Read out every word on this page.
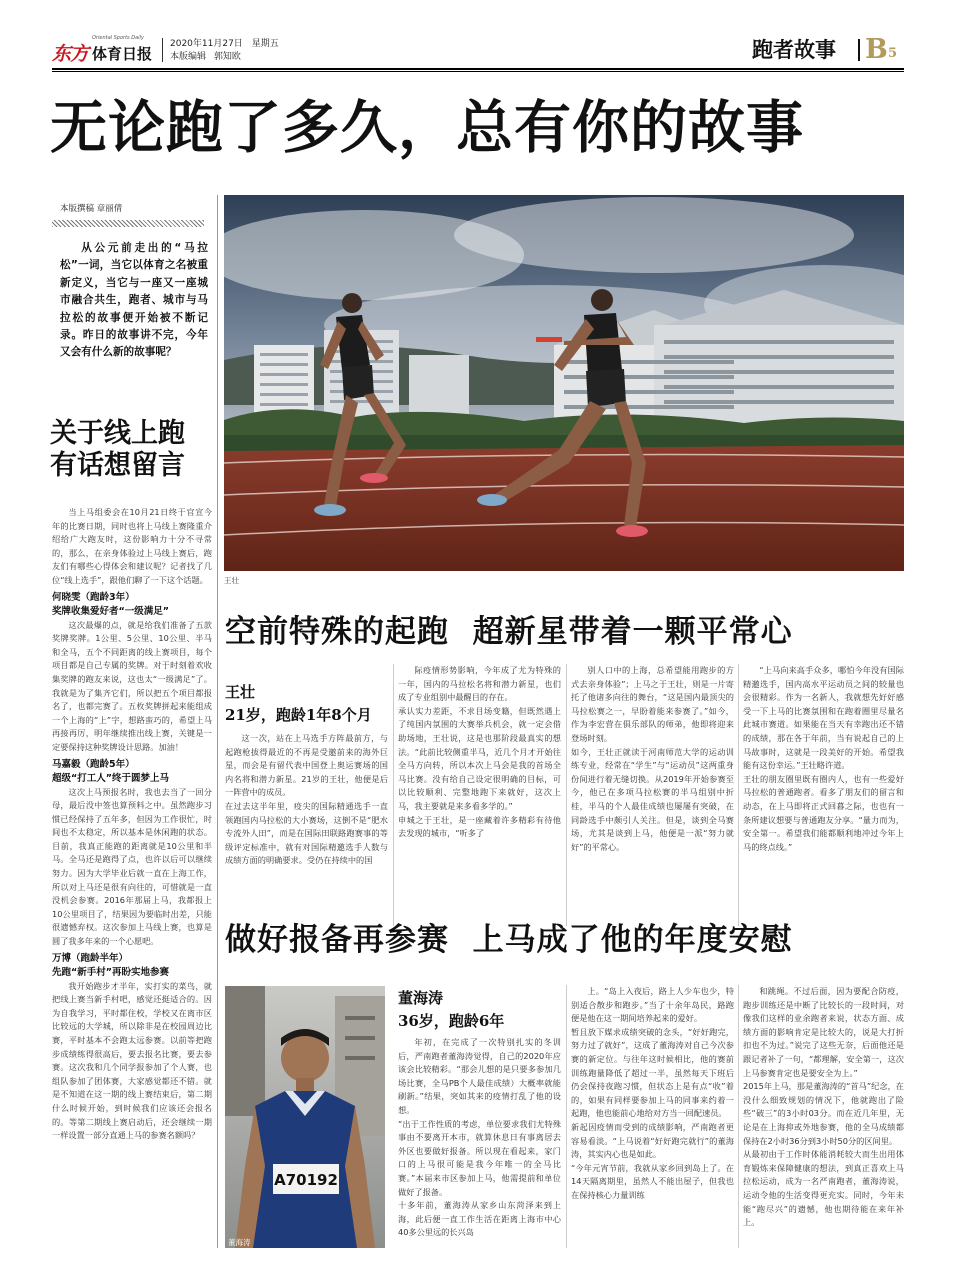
东方
Oriental Sports Daily
体育日报
2020年11月27日 星期五
本版编辑 郭知欧	跑者故事 B 5
无论跑了多久，总有你的故事
本版撰稿 章丽倩
从公元前走出的“马拉松”一词，当它以体育之名被重新定义，当它与一座又一座城市融合共生，跑者、城市与马拉松的故事便开始被不断记录。昨日的故事讲不完，今年又会有什么新的故事呢？
关于线上跑
有话想留言

当上马组委会在10月21日终于官宣今年的比赛日期，同时也将上马线上赛隆重介绍给广大跑友时，这份影响力十分不寻常的，那么，在亲身体验过上马线上赛后，跑友们有哪些心得体会和建议呢？记者找了几位“线上选手”，跟他们聊了一下这个话题。

何晓雯（跑龄3年）
奖牌收集爱好者“一级满足”

这次最爆的点，就是给我们准备了五款奖牌奖牌。1公里、5公里、10公里、半马和全马，五个不同距离的线上赛项目，每个项目都是自己专属的奖牌。对于时刻着欢收集奖牌的跑友来说，这也太“一级满足”了。我就是为了集齐它们，所以把五个项目都报名了，也都完赛了。五枚奖牌拼起来能组成一个上海的“上”字，想路蛮巧的，希望上马再接再厉，明年继续推出线上赛，关键是一定要保持这种奖牌设计思路。加油！

马嘉毅（跑龄5年）
超级“打工人”终于圆梦上马

这次上马预报名时，我也去当了一回分母，最后没中签也算预料之中。虽然跑步习惯已经保持了五年多，但因为工作很忙，时间也不太稳定，所以基本是休闲跑的状态。目前，我真正能跑的距离就是10公里和半马。全马还是跑得了点，也许以后可以继续努力。因为大学毕业后就一直在上海工作，所以对上马还是很有向往的，可惜就是一直没机会参赛。2016年那届上马，我都报上10公里项目了，结果因为要临时出差，只能很遗憾弃权。这次参加上马线上赛，也算是圆了我多年来的一个心愿吧。

万博（跑龄半年）
先跑“新手村”再盼实地参赛

我开始跑步才半年，实打实的菜鸟，就把线上赛当新手村吧，感觉还挺适合的。因为自我学习，平时都住校，学校又在离市区比较远的大学城，所以除非是在校园周边比赛，平时基本不会跑太远参赛。以前等把跑步成绩练得很高后，要去报名比赛，要去参赛。这次我和几个同学报参加了个人赛，也组队参加了团体赛，大家感觉都还不错。就是不知道在这一期的线上赛结束后，第二期什么时候开始，到时候我们应该还会报名的。等第二期线上赛启动后，还会继续一期一样设置一部分直通上马的参赛名额吗？

王壮
空前特殊的起跑  超新星带着一颗平常心
王壮
21岁，跑龄1年8个月

这一次，站在上马选手方阵最前方，与起跑枪拔得最近的不再是受邀前来的海外巨星，而会是有留代表中国登上奥运赛场的国内名将和潜力新星。21岁的王壮，他便是后一阵营中的成员。
在过去这半年里，疫尖的国际精通选手一直领跑国内马拉松的大小赛场，这倒不是“肥水专流外人田”，而是在国际田联路跑赛事的等级评定标准中，就有对国际精邀选手人数与成绩方面的明确要求。受仍在持续中的国

际疫情形势影响，今年成了尤为特殊的一年，国内的马拉松名将和潜力新星，也们成了专业组别中最醒目的存在。
承认实力差距，不求目场变籍，但既然遇上了纯国内氛围的大赛举兵机会，就一定会借助场地，王壮说，这是也那阶段最真实的想法。“此前比较侧重半马，近几个月才开始往全马方向转，所以本次上马会是我的首场全马比赛。没有给自己设定很明确的目标，可以比较顺利、完整地跑下来就好，这次上马，我主要就是来多看多学的。”
申城之于王壮，是一座藏着许多精彩有待他去发现的城市，“听多了

别人口中的上海，总希望能用跑步的方式去亲身体验”；上马之于王壮，则是一片寄托了他诸多向往的舞台，“这是国内最顶尖的马拉松赛之一，早盼着能来参赛了。”如今，作为李宏营在俱乐部队的师弟，他即将迎来登场时刻。
如今，王壮正就读于河南师范大学的运动训练专业，经常在“学生”与“运动员”这两重身份间进行着无缝切换。从2019年开始参赛至今，他已在多项马拉松赛的半马组别中折桂，半马的个人最佳成绩也屡屡有突破，在同龄选手中颇引人关注。但是，谈到全马赛场，尤其是谈到上马，他便是一派“努力就好”的平常心。

“上马向来高手众多，哪怕今年没有国际精邀选手，国内高水平运动员之间的较量也会很精彩。作为一名新人，我就想先好好感受一下上马的比赛氛围和在跑着圈里尽量名此城市赛道。如果能在当天有幸跑出还不错的成绩，那在各于年前，当有说起自己的上马故事时，这就是一段美好的开始。希望我能有这份幸运。”王壮略许道。
王壮的朋友圈里既有圈内人，也有一些爱好马拉松的普通跑者。看多了朋友们的留言和动态，在上马即将正式回暮之际，也也有一条所建议想要与普通跑友分享。“量力而为，安全第一。希望我们能都顺利地冲过今年上马的终点线。”

做好报备再参赛  上马成了他的年度安慰
A70192
董海涛
董海涛
36岁，跑龄6年

年初，在完成了一次特别扎实的冬训后，严南跑者董海涛觉得，自己的2020年应该会比较精彩。“那会儿想的是只要多参加几场比赛，全马PB个人最佳成绩）大概率就能刷新。”结果，突如其来的疫情打乱了他的设想。
“出于工作性质的考虑，单位要求我们尤特殊事由不要离开本市，就算休息日有事离居去外区也要做好报备。所以现在看起来，家门口的上马很可能是我今年唯一的全马比赛。”本届来市区参加上马，他需提前和单位做好了报备。
十多年前，董海涛从家乡山东菏泽来到上海，此后便一直工作生活在距离上海市中心40多公里远的长兴岛

上。“岛上入夜后，路上人少车也少，特别适合散步和跑步。”当了十余年岛民，路跑便是他在这一期间培养起来的爱好。
暂且放下媒求成绩突破的念头，“好好跑完，努力过了就好”，这成了董海涛对自己今次参赛的新定位。与往年这时候相比，他的赛前训练跑量降低了超过一半，虽然每天下班后仍会保持夜跑习惯，但状态上是有点“收”着的，如果有同样要参加上马的同事来约着一起跑，他也能前心地给对方当一回配速员。
新起因疫情而受到的成绩影响，严南跑者更容易看淡。“上马说着“好好跑完就行”的董海涛，其实内心也是如此。
“今年元宵节前，我就从家乡回到岛上了。在14天隔离期里，虽然人不能出屋子，但我也在保持核心力量训练

和跳绳。不过后面，因为要配合防疫，跑步训练还是中断了比较长的一段时间，对像我们这样的业余跑者来说，状态方面、成绩方面的影响肯定是比较大的，说是大打折扣也不为过。”说完了这些无奈，后面他还是跟记者补了一句，“都理解，安全第一，这次上马参赛肯定也是要安全为上。”
2015年上马，那是董海涛的“首马”纪念，在没什么细致规划的情况下，他就跑出了险些“破三”的3小时03分。而在近几年里，无论是在上海抑或外地参赛，他的全马成绩都保持在2小时36分到3小时50分的区间里。
从最初由于工作时体能消耗较大而生出用体育锻炼来保障健康的想法，到真正喜欢上马拉松运动，成为一名严南跑者，董海涛说，运动令他的生活变得更充实。同时，今年未能“跑尽兴”的遗憾，他也期待能在来年补上。
